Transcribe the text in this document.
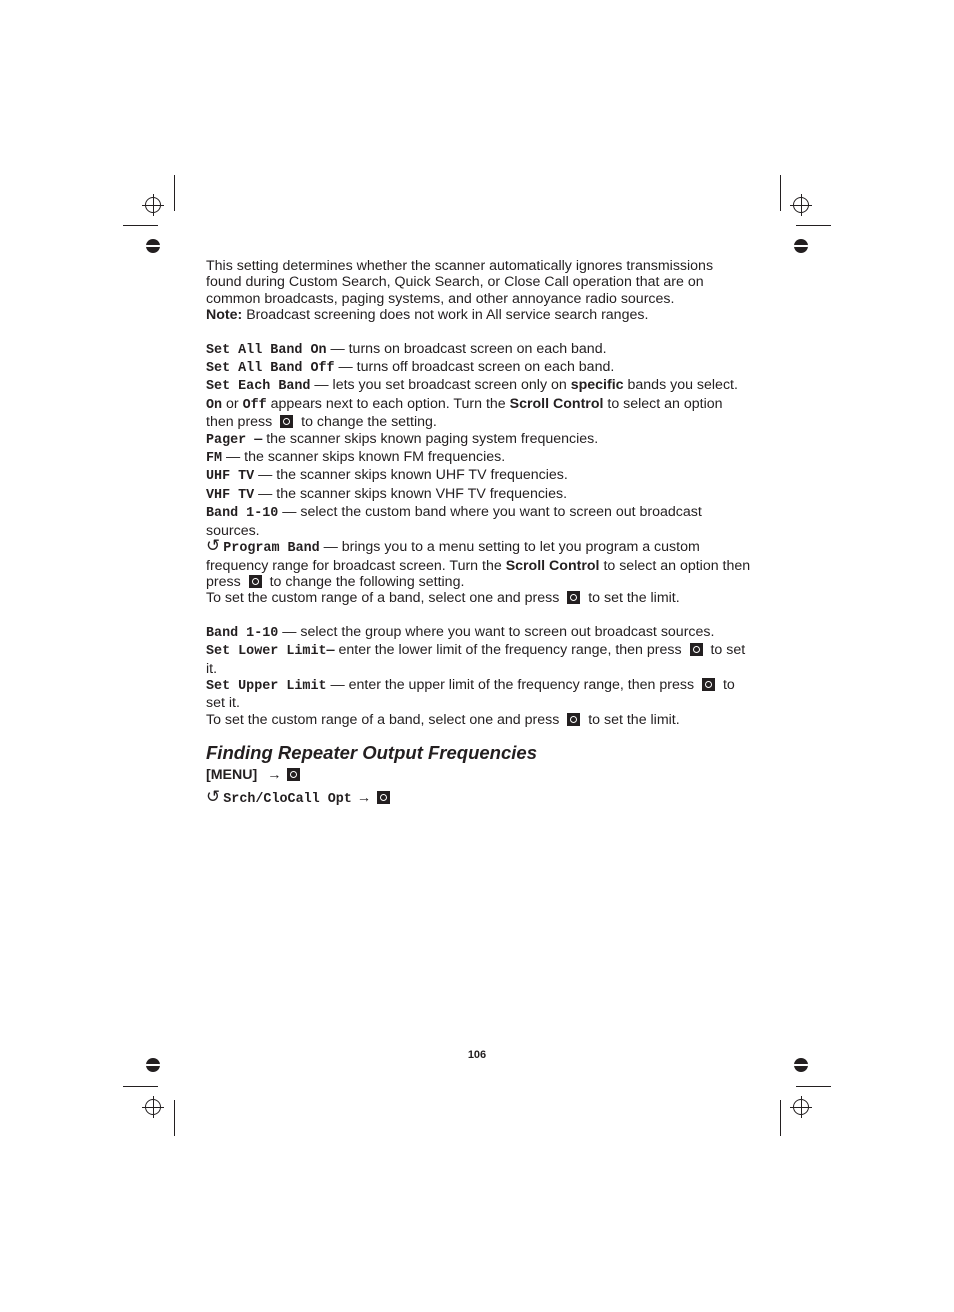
This setting determines whether the scanner automatically ignores transmissions found during Custom Search, Quick Search, or Close Call operation that are on common broadcasts, paging systems, and other annoyance radio sources.

Note: Broadcast screening does not work in All service search ranges.

Set All Band On — turns on broadcast screen on each band.

Set All Band Off — turns off broadcast screen on each band.

Set Each Band — lets you set broadcast screen only on specific bands you select. On or Off appears next to each option. Turn the Scroll Control to select an option then press  to change the setting.

Pager — the scanner skips known paging system frequencies.

FM — the scanner skips known FM frequencies.

UHF TV — the scanner skips known UHF TV frequencies.

VHF TV — the scanner skips known VHF TV frequencies.

Band 1-10 — select the custom band where you want to screen out broadcast sources.

↺ Program Band — brings you to a menu setting to let you program a custom frequency range for broadcast screen. Turn the Scroll Control to select an option then press  to change the following setting.

To set the custom range of a band, select one and press  to set the limit.

Band 1-10 — select the group where you want to screen out broadcast sources.

Set Lower Limit— enter the lower limit of the frequency range, then press  to set it.

Set Upper Limit — enter the upper limit of the frequency range, then press  to set it.

To set the custom range of a band, select one and press  to set the limit.

Finding Repeater Output Frequencies

[MENU] →

↺ Srch/CloCall Opt →

106
